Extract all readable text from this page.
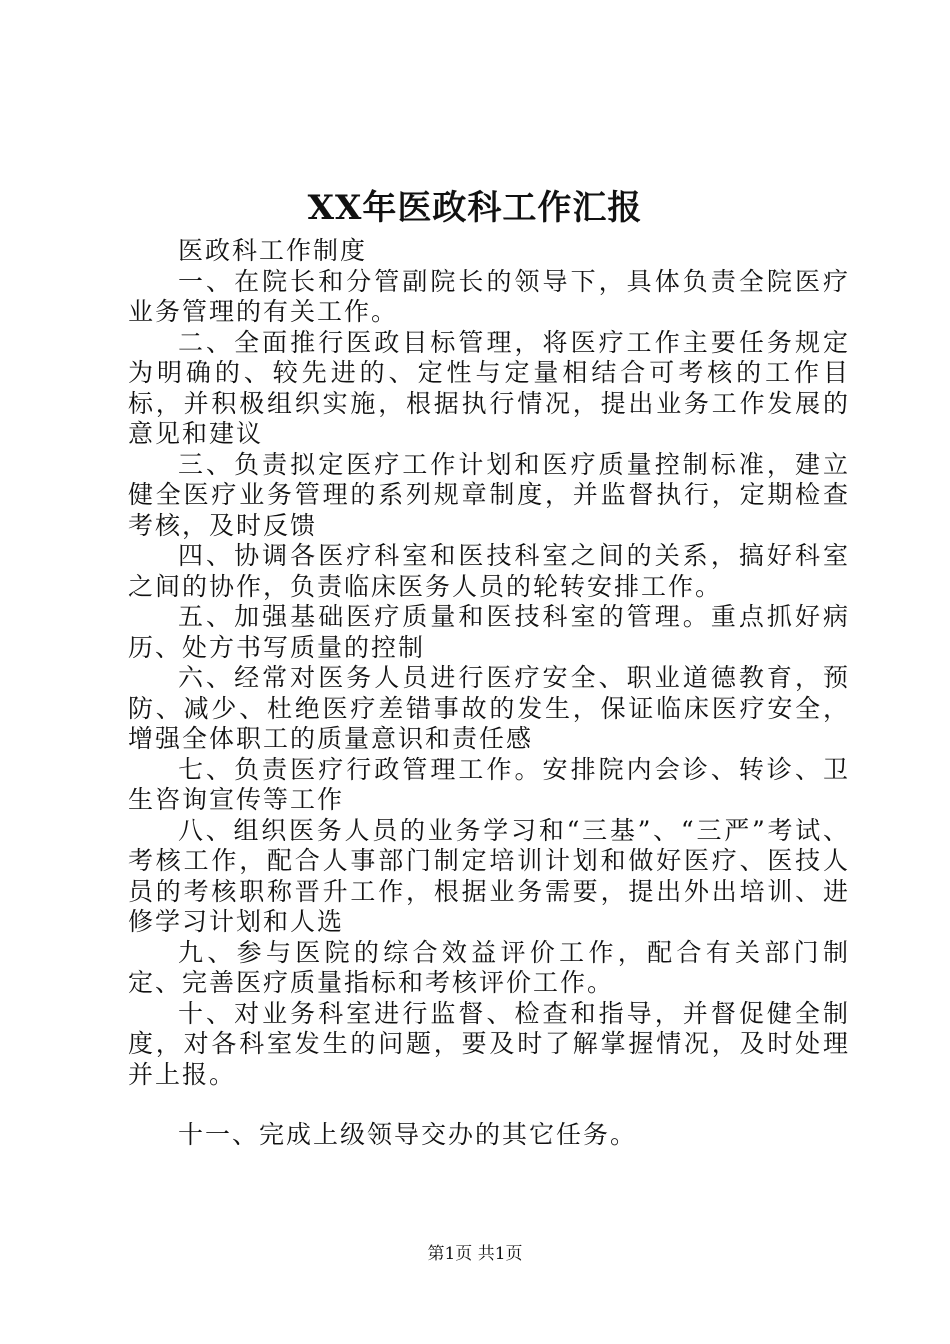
XX年医政科工作汇报

医政科工作制度

一、在院长和分管副院长的领导下，具体负责全院医疗业务管理的有关工作。

二、全面推行医政目标管理，将医疗工作主要任务规定为明确的、较先进的、定性与定量相结合可考核的工作目标，并积极组织实施，根据执行情况，提出业务工作发展的意见和建议

三、负责拟定医疗工作计划和医疗质量控制标准，建立健全医疗业务管理的系列规章制度，并监督执行，定期检查考核，及时反馈

四、协调各医疗科室和医技科室之间的关系，搞好科室之间的协作，负责临床医务人员的轮转安排工作。

五、加强基础医疗质量和医技科室的管理。重点抓好病历、处方书写质量的控制

六、经常对医务人员进行医疗安全、职业道德教育，预防、减少、杜绝医疗差错事故的发生，保证临床医疗安全，增强全体职工的质量意识和责任感

七、负责医疗行政管理工作。安排院内会诊、转诊、卫生咨询宣传等工作

八、组织医务人员的业务学习和“三基”、“三严”考试、考核工作，配合人事部门制定培训计划和做好医疗、医技人员的考核职称晋升工作，根据业务需要，提出外出培训、进修学习计划和人选

九、参与医院的综合效益评价工作，配合有关部门制定、完善医疗质量指标和考核评价工作。

十、对业务科室进行监督、检查和指导，并督促健全制度，对各科室发生的问题，要及时了解掌握情况，及时处理并上报。

十一、完成上级领导交办的其它任务。

第1页 共1页
